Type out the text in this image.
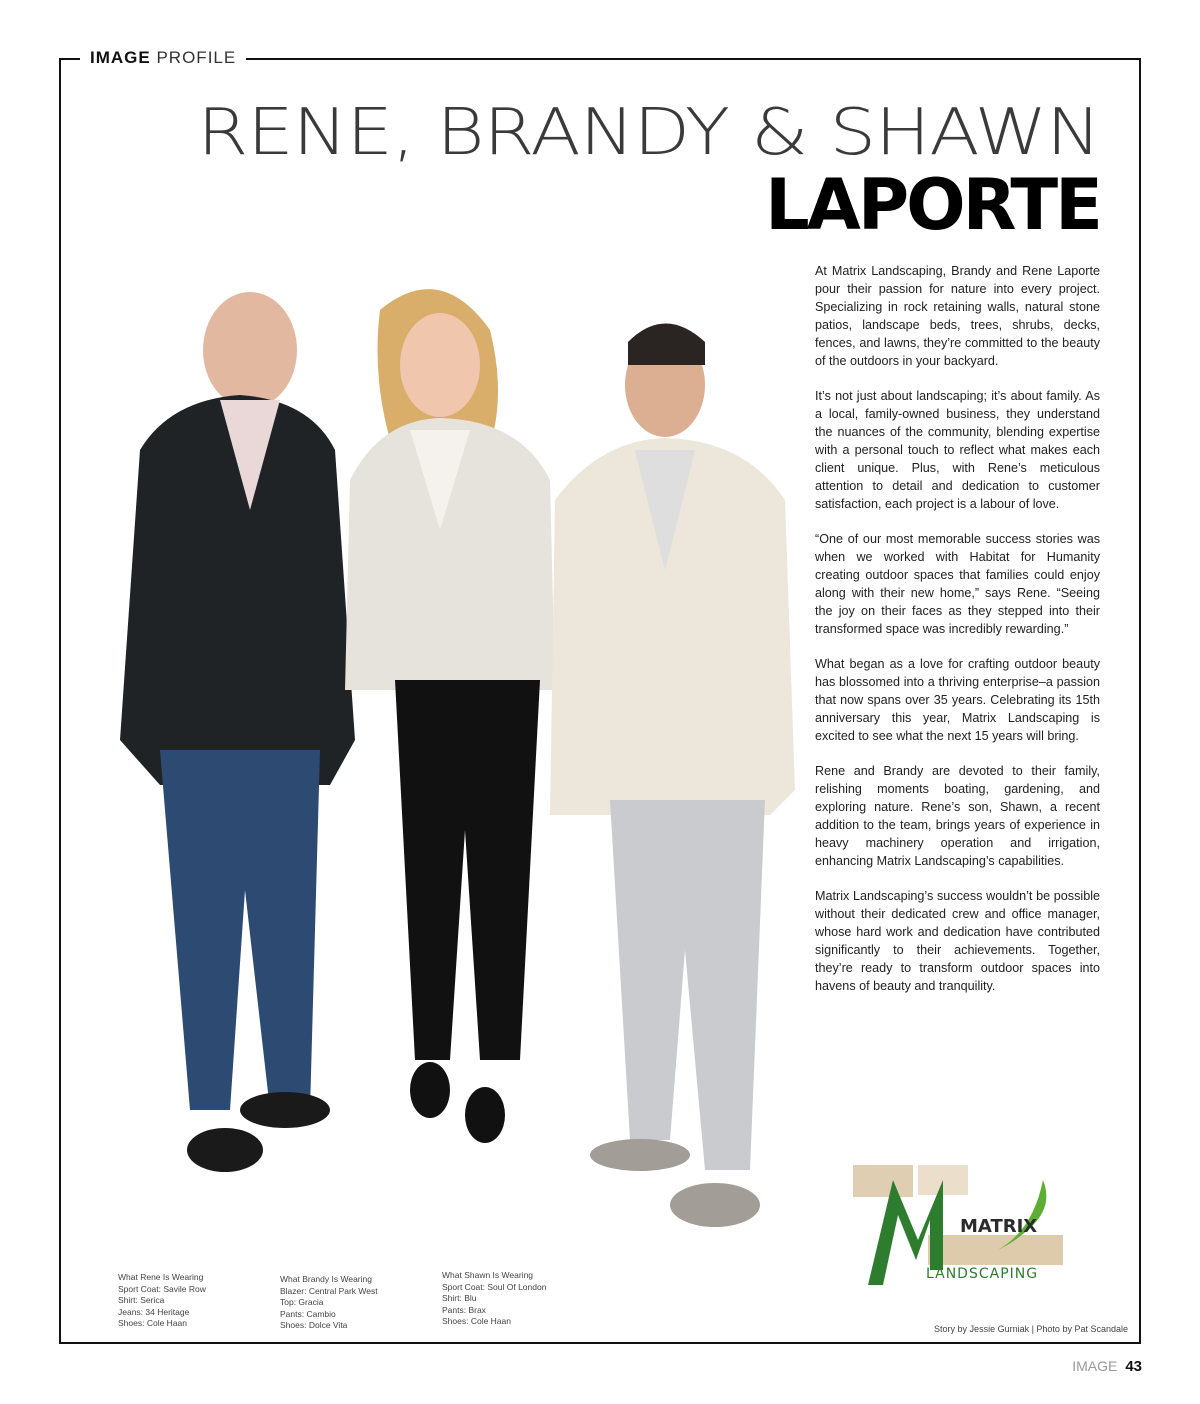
IMAGE PROFILE
RENE, BRANDY & SHAWN
LAPORTE

At Matrix Landscaping, Brandy and Rene Laporte pour their passion for nature into every project. Specializing in rock retaining walls, natural stone patios, landscape beds, trees, shrubs, decks, fences, and lawns, they’re committed to the beauty of the outdoors in your backyard.

It’s not just about landscaping; it’s about family. As a local, family-owned business, they understand the nuances of the community, blending expertise with a personal touch to reflect what makes each client unique. Plus, with Rene’s meticulous attention to detail and dedication to customer satisfaction, each project is a labour of love.

“One of our most memorable success stories was when we worked with Habitat for Humanity creating outdoor spaces that families could enjoy along with their new home,” says Rene. “Seeing the joy on their faces as they stepped into their transformed space was incredibly rewarding.”

What began as a love for crafting outdoor beauty has blossomed into a thriving enterprise–a passion that now spans over 35 years. Celebrating its 15th anniversary this year, Matrix Landscaping is excited to see what the next 15 years will bring.

Rene and Brandy are devoted to their family, relishing moments boating, gardening, and exploring nature. Rene’s son, Shawn, a recent addition to the team, brings years of experience in heavy machinery operation and irrigation, enhancing Matrix Landscaping’s capabilities.

Matrix Landscaping’s success wouldn’t be possible without their dedicated crew and office manager, whose hard work and dedication have contributed significantly to their achievements. Together, they’re ready to transform outdoor spaces into havens of beauty and tranquility.

MATRIX
LANDSCAPING
What Rene Is Wearing
Sport Coat: Savile Row
Shirt: Serica
Jeans: 34 Heritage
Shoes: Cole Haan
What Brandy Is Wearing
Blazer: Central Park West
Top: Gracia
Pants: Cambio
Shoes: Dolce Vita
What Shawn Is Wearing
Sport Coat: Soul Of London
Shirt: Blu
Pants: Brax
Shoes: Cole Haan
Story by Jessie Gurniak | Photo by Pat Scandale
IMAGE 43
